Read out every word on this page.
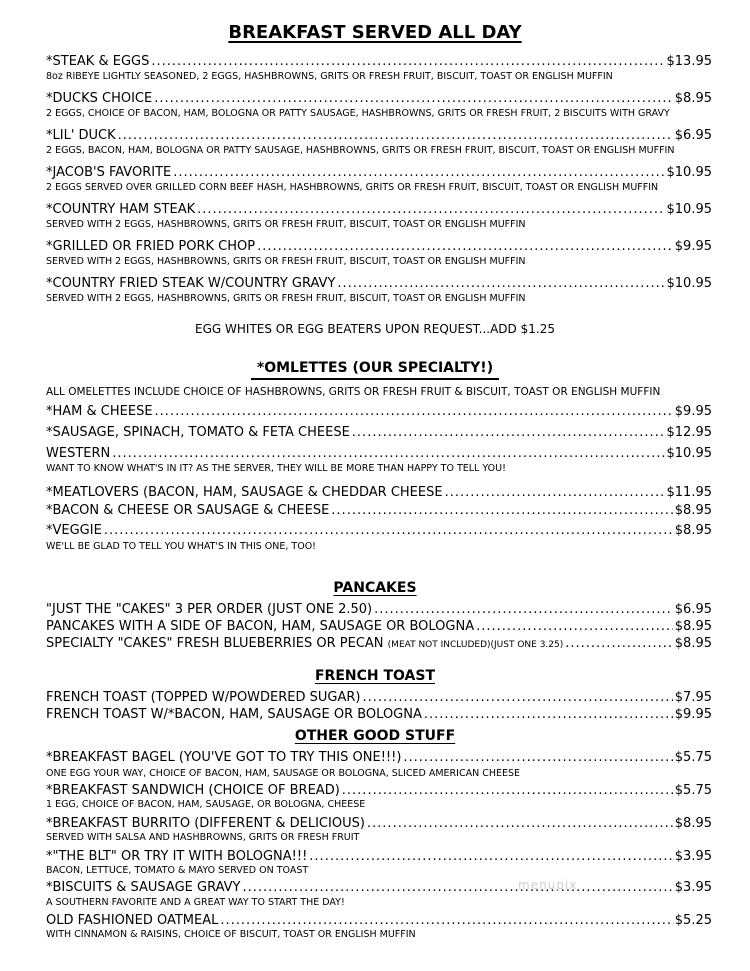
BREAKFAST SERVED ALL DAY
*STEAK & EGGS .....	$13.95
8oz RIBEYE LIGHTLY SEASONED, 2 EGGS, HASHBROWNS, GRITS OR FRESH FRUIT, BISCUIT, TOAST OR ENGLISH MUFFIN
*DUCKS CHOICE .....	$8.95
2 EGGS, CHOICE OF BACON, HAM, BOLOGNA OR PATTY SAUSAGE, HASHBROWNS, GRITS OR FRESH FRUIT, 2 BISCUITS WITH GRAVY
*LIL' DUCK .....	$6.95
2 EGGS, BACON, HAM, BOLOGNA OR PATTY SAUSAGE, HASHBROWNS, GRITS OR FRESH FRUIT, BISCUIT, TOAST OR ENGLISH MUFFIN
*JACOB'S FAVORITE .....	$10.95
2 EGGS SERVED OVER GRILLED CORN BEEF HASH, HASHBROWNS, GRITS OR FRESH FRUIT, BISCUIT, TOAST OR ENGLISH MUFFIN
*COUNTRY HAM STEAK .....	$10.95
SERVED WITH 2 EGGS, HASHBROWNS, GRITS OR FRESH FRUIT, BISCUIT, TOAST OR ENGLISH MUFFIN
*GRILLED OR FRIED PORK CHOP .....	$9.95
SERVED WITH 2 EGGS, HASHBROWNS, GRITS OR FRESH FRUIT, BISCUIT, TOAST OR ENGLISH MUFFIN
*COUNTRY FRIED STEAK W/COUNTRY GRAVY .....	$10.95
SERVED WITH 2 EGGS, HASHBROWNS, GRITS OR FRESH FRUIT, BISCUIT, TOAST OR ENGLISH MUFFIN
EGG WHITES OR EGG BEATERS UPON REQUEST...ADD $1.25
*OMLETTES (OUR SPECIALTY!)
ALL OMELETTES INCLUDE CHOICE OF HASHBROWNS, GRITS OR FRESH FRUIT & BISCUIT, TOAST OR ENGLISH MUFFIN
*HAM & CHEESE .....	$9.95
*SAUSAGE, SPINACH, TOMATO & FETA CHEESE .....	$12.95
WESTERN .....	$10.95
WANT TO KNOW WHAT'S IN IT? AS THE SERVER, THEY WILL BE MORE THAN HAPPY TO TELL YOU!
*MEATLOVERS (BACON, HAM, SAUSAGE & CHEDDAR CHEESE .....	$11.95
*BACON & CHEESE OR SAUSAGE & CHEESE .....	$8.95
*VEGGIE .....	$8.95
WE'LL BE GLAD TO TELL YOU WHAT'S IN THIS ONE, TOO!
PANCAKES
"JUST THE "CAKES" 3 PER ORDER (JUST ONE 2.50) .....	$6.95
PANCAKES WITH A SIDE OF BACON, HAM, SAUSAGE OR BOLOGNA .....	$8.95
SPECIALTY "CAKES" FRESH BLUEBERRIES OR PECAN (MEAT NOT INCLUDED)(JUST ONE 3.25) .....	$8.95
FRENCH TOAST
FRENCH TOAST (TOPPED W/POWDERED SUGAR) .....	$7.95
FRENCH TOAST W/*BACON, HAM, SAUSAGE OR BOLOGNA .....	$9.95
OTHER GOOD STUFF
*BREAKFAST BAGEL (YOU'VE GOT TO TRY THIS ONE!!!) .....	$5.75
ONE EGG YOUR WAY, CHOICE OF BACON, HAM, SAUSAGE OR BOLOGNA, SLICED AMERICAN CHEESE
*BREAKFAST SANDWICH (CHOICE OF BREAD) .....	$5.75
1 EGG, CHOICE OF BACON, HAM, SAUSAGE, OR BOLOGNA, CHEESE
*BREAKFAST BURRITO (DIFFERENT & DELICIOUS) .....	$8.95
SERVED WITH SALSA AND HASHBROWNS, GRITS OR FRESH FRUIT
*"THE BLT" OR TRY IT WITH BOLOGNA!!! .....	$3.95
BACON, LETTUCE, TOMATO & MAYO SERVED ON TOAST
*BISCUITS & SAUSAGE GRAVY .....	$3.95
A SOUTHERN FAVORITE AND A GREAT WAY TO START THE DAY!
OLD FASHIONED OATMEAL .....	$5.25
WITH CINNAMON & RAISINS, CHOICE OF BISCUIT, TOAST OR ENGLISH MUFFIN
menupix
